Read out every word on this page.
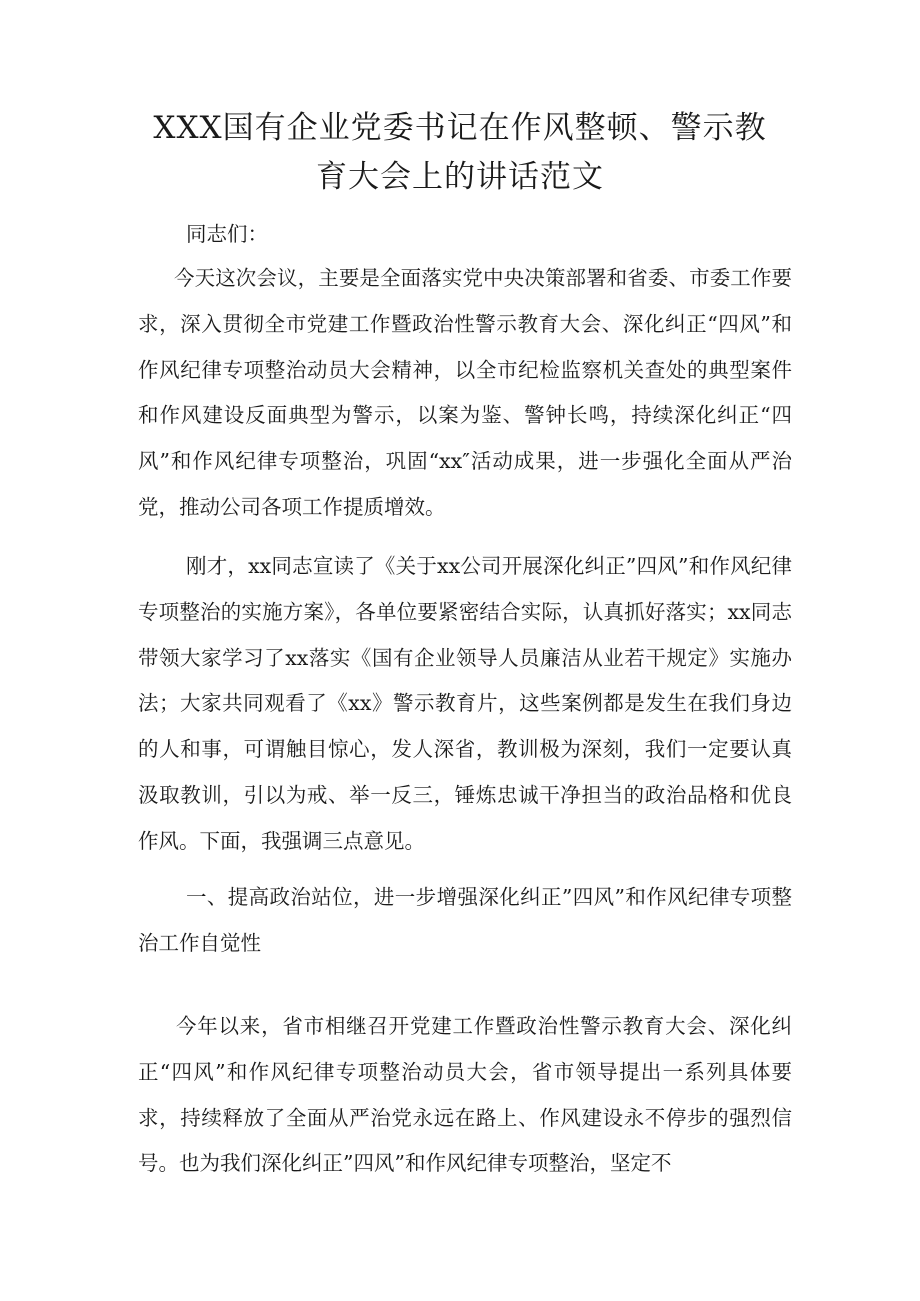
XXX国有企业党委书记在作风整顿、警示教
育大会上的讲话范文

同志们：

今天这次会议，主要是全面落实党中央决策部署和省委、市委工作要求，深入贯彻全市党建工作暨政治性警示教育大会、深化纠正“四风”和作风纪律专项整治动员大会精神，以全市纪检监察机关查处的典型案件和作风建设反面典型为警示，以案为鉴、警钟长鸣，持续深化纠正“四风”和作风纪律专项整治，巩固“xx″活动成果，进一步强化全面从严治党，推动公司各项工作提质增效。

刚才，xx同志宣读了《关于xx公司开展深化纠正”四风”和作风纪律专项整治的实施方案》，各单位要紧密结合实际，认真抓好落实；xx同志带领大家学习了xx落实《国有企业领导人员廉洁从业若干规定》实施办法；大家共同观看了《xx》警示教育片，这些案例都是发生在我们身边的人和事，可谓触目惊心，发人深省，教训极为深刻，我们一定要认真汲取教训，引以为戒、举一反三，锤炼忠诚干净担当的政治品格和优良作风。下面，我强调三点意见。

一、提高政治站位，进一步增强深化纠正”四风”和作风纪律专项整治工作自觉性

今年以来，省市相继召开党建工作暨政治性警示教育大会、深化纠正“四风”和作风纪律专项整治动员大会，省市领导提出一系列具体要求，持续释放了全面从严治党永远在路上、作风建设永不停步的强烈信号。也为我们深化纠正”四风”和作风纪律专项整治，坚定不
